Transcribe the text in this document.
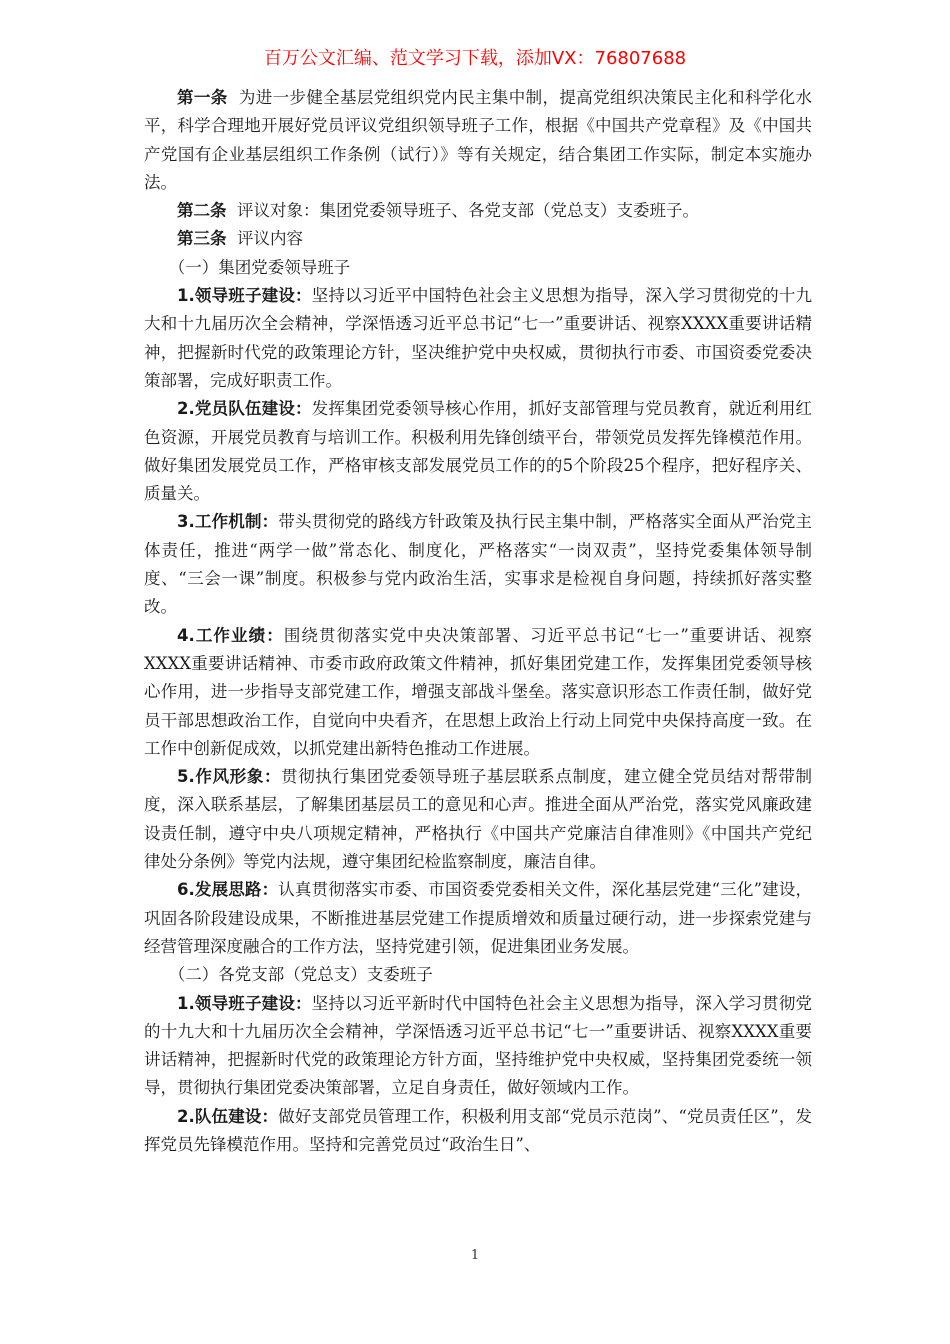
百万公文汇编、范文学习下载，添加VX：76807688

第一条 为进一步健全基层党组织党内民主集中制，提高党组织决策民主化和科学化水平，科学合理地开展好党员评议党组织领导班子工作，根据《中国共产党章程》及《中国共产党国有企业基层组织工作条例（试行）》等有关规定，结合集团工作实际，制定本实施办法。

第二条 评议对象：集团党委领导班子、各党支部（党总支）支委班子。

第三条 评议内容

（一）集团党委领导班子

1.领导班子建设：坚持以习近平中国特色社会主义思想为指导，深入学习贯彻党的十九大和十九届历次全会精神，学深悟透习近平总书记“七一”重要讲话、视察XXXX重要讲话精神，把握新时代党的政策理论方针，坚决维护党中央权威，贯彻执行市委、市国资委党委决策部署，完成好职责工作。

2.党员队伍建设：发挥集团党委领导核心作用，抓好支部管理与党员教育，就近利用红色资源，开展党员教育与培训工作。积极利用先锋创绩平台，带领党员发挥先锋模范作用。做好集团发展党员工作，严格审核支部发展党员工作的的5个阶段25个程序，把好程序关、质量关。

3.工作机制：带头贯彻党的路线方针政策及执行民主集中制，严格落实全面从严治党主体责任，推进“两学一做”常态化、制度化，严格落实“一岗双责”，坚持党委集体领导制度、“三会一课”制度。积极参与党内政治生活，实事求是检视自身问题，持续抓好落实整改。

4.工作业绩：围绕贯彻落实党中央决策部署、习近平总书记“七一”重要讲话、视察XXXX重要讲话精神、市委市政府政策文件精神，抓好集团党建工作，发挥集团党委领导核心作用，进一步指导支部党建工作，增强支部战斗堡垒。落实意识形态工作责任制，做好党员干部思想政治工作，自觉向中央看齐，在思想上政治上行动上同党中央保持高度一致。在工作中创新促成效，以抓党建出新特色推动工作进展。

5.作风形象：贯彻执行集团党委领导班子基层联系点制度，建立健全党员结对帮带制度，深入联系基层，了解集团基层员工的意见和心声。推进全面从严治党，落实党风廉政建设责任制，遵守中央八项规定精神，严格执行《中国共产党廉洁自律准则》《中国共产党纪律处分条例》等党内法规，遵守集团纪检监察制度，廉洁自律。

6.发展思路：认真贯彻落实市委、市国资委党委相关文件，深化基层党建“三化”建设，巩固各阶段建设成果，不断推进基层党建工作提质增效和质量过硬行动，进一步探索党建与经营管理深度融合的工作方法，坚持党建引领，促进集团业务发展。

（二）各党支部（党总支）支委班子

1.领导班子建设：坚持以习近平新时代中国特色社会主义思想为指导，深入学习贯彻党的十九大和十九届历次全会精神，学深悟透习近平总书记“七一”重要讲话、视察XXXX重要讲话精神，把握新时代党的政策理论方针方面，坚持维护党中央权威，坚持集团党委统一领导，贯彻执行集团党委决策部署，立足自身责任，做好领域内工作。

2.队伍建设：做好支部党员管理工作，积极利用支部“党员示范岗”、“党员责任区”，发挥党员先锋模范作用。坚持和完善党员过“政治生日”、

1
